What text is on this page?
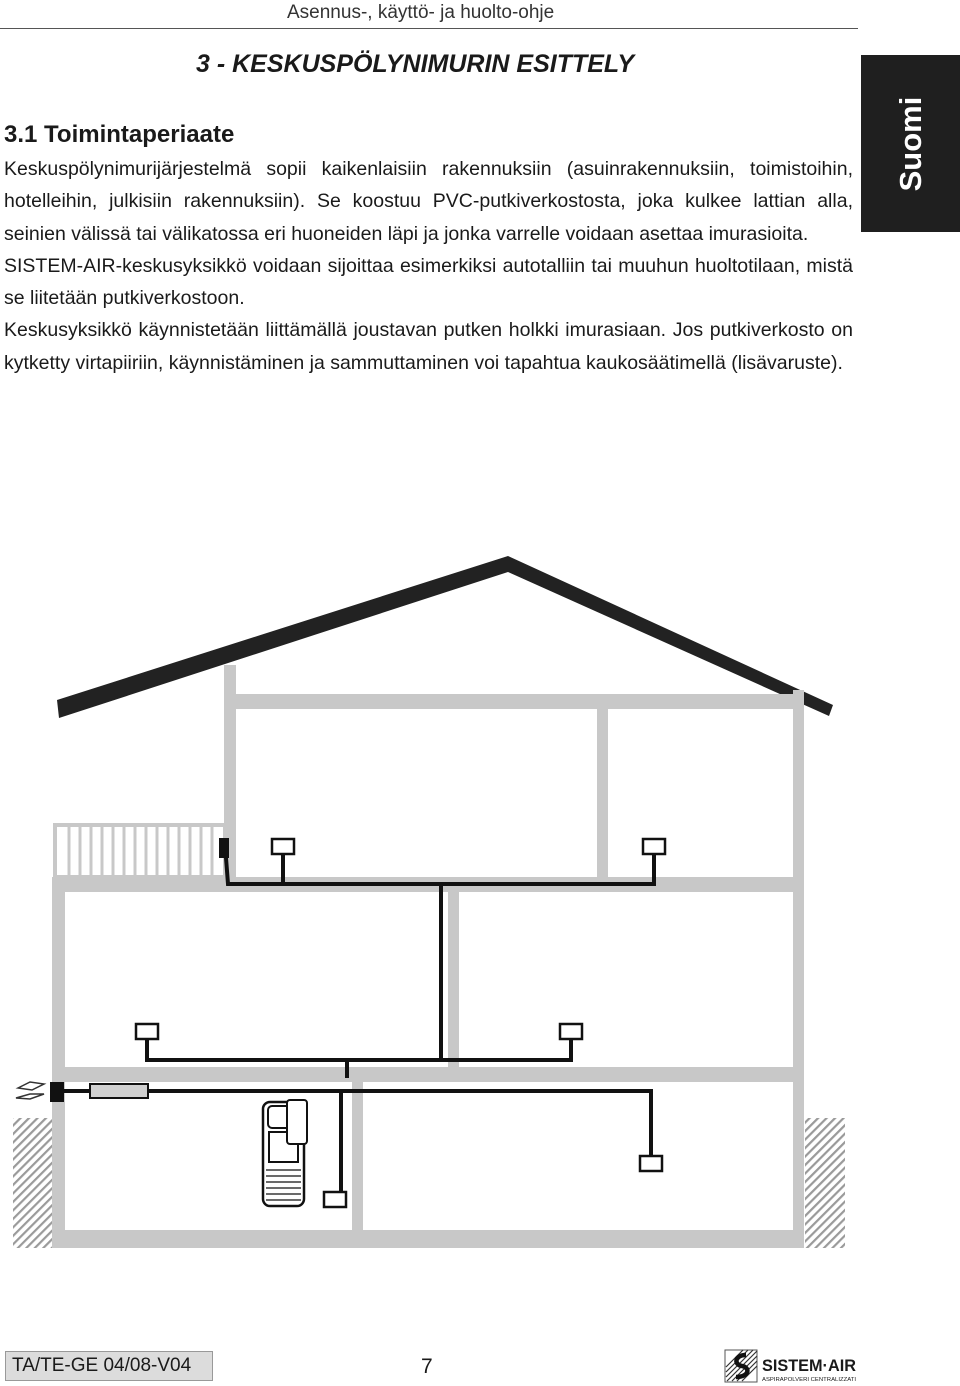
Asennus-, käyttö- ja huolto-ohje
3 - KESKUSPÖLYNIMURIN ESITTELY
Suomi
3.1 Toimintaperiaate

Keskuspölynimurijärjestelmä sopii kaikenlaisiin rakennuksiin (asuinrakennuksiin, toimistoihin, hotelleihin, julkisiin rakennuksiin). Se koostuu PVC-putkiverkostosta, joka kulkee lattian alla, seinien välissä tai välikatossa eri huoneiden läpi ja jonka varrelle voidaan asettaa imurasioita.

SISTEM-AIR-keskusyksikkö voidaan sijoittaa esimerkiksi autotalliin tai muuhun huoltotilaan, mistä se liitetään putkiverkostoon.

Keskusyksikkö käynnistetään liittämällä joustavan putken holkki imurasiaan. Jos putkiverkosto on kytketty virtapiiriin, käynnistäminen ja sammuttaminen voi tapahtua kaukosäätimellä (lisävaruste).

TA/TE-GE 04/08-V04	7	SISTEM·AIR
ASPIRAPOLVERI CENTRALIZZATI
